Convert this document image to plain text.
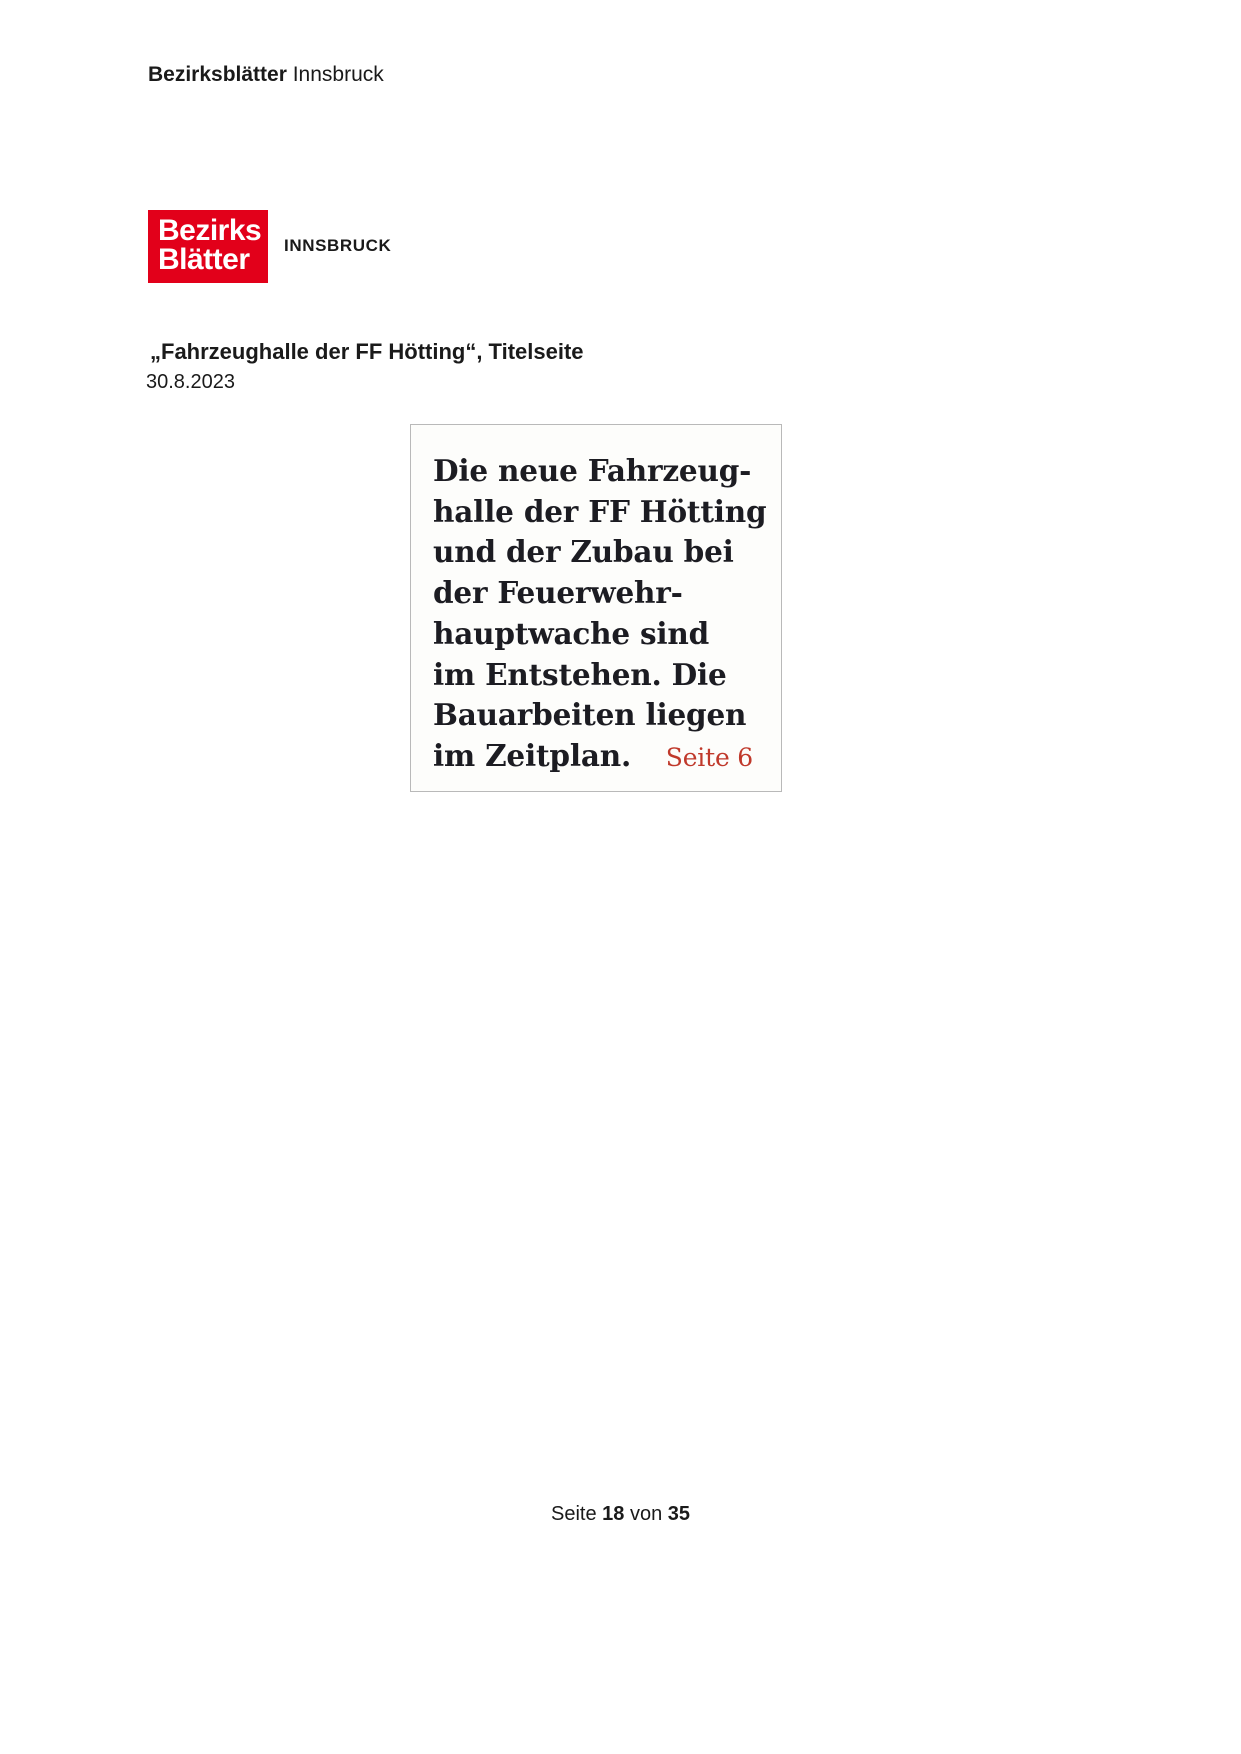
Bezirksblätter Innsbruck
Bezirks
Blätter	INNSBRUCK
„Fahrzeughalle der FF Hötting“, Titelseite
30.8.2023
Die neue Fahrzeug-
halle der FF Hötting
und der Zubau bei
der Feuerwehr-
hauptwache sind
im Entstehen. Die
Bauarbeiten liegen
im Zeitplan.	Seite 6
Seite 18 von 35
